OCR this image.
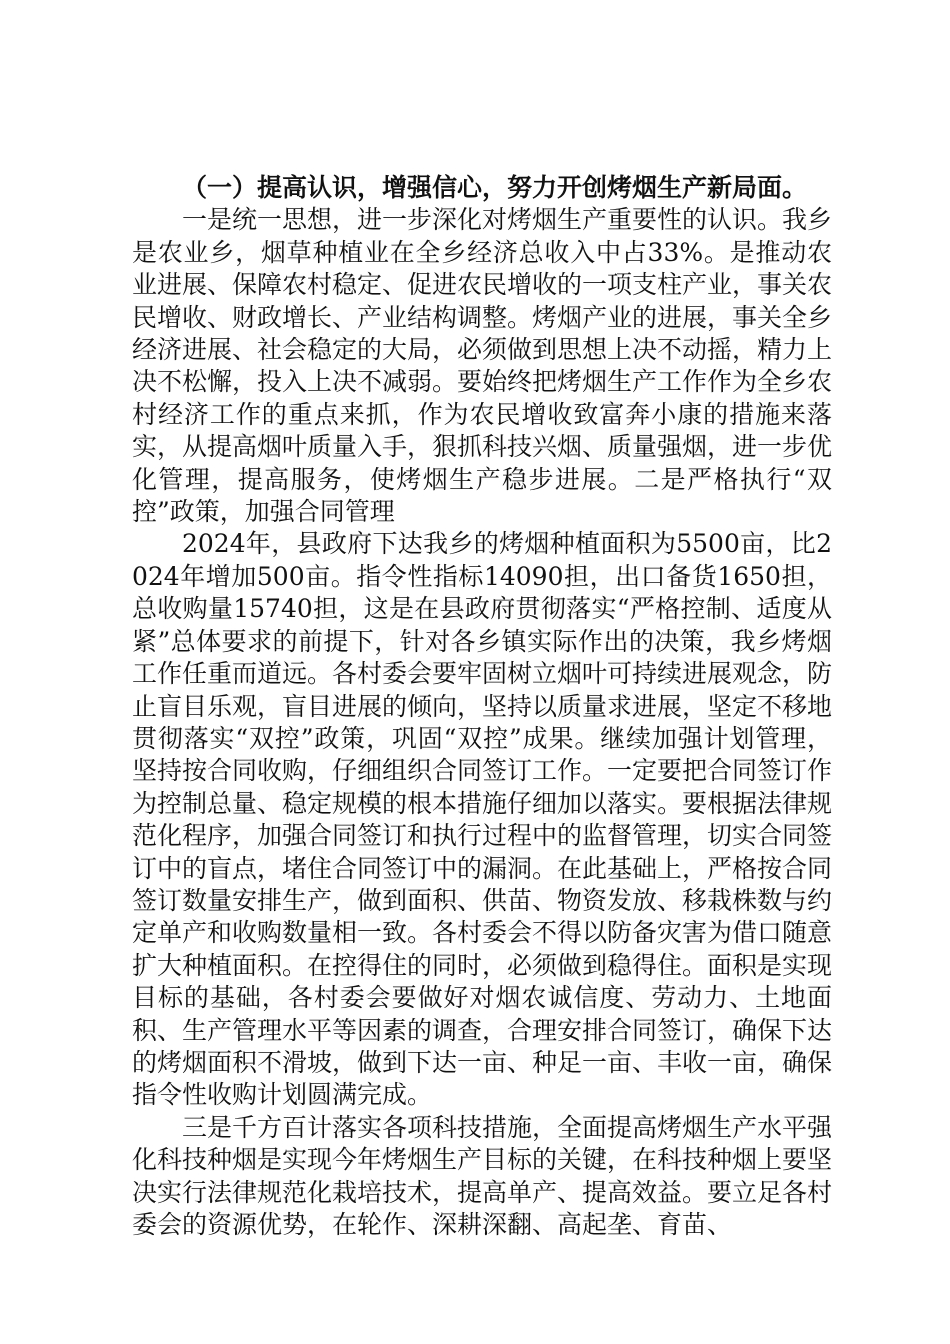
（一）提高认识，增强信心，努力开创烤烟生产新局面。

一是统一思想，进一步深化对烤烟生产重要性的认识。我乡是农业乡，烟草种植业在全乡经济总收入中占33%。是推动农业进展、保障农村稳定、促进农民增收的一项支柱产业，事关农民增收、财政增长、产业结构调整。烤烟产业的进展，事关全乡经济进展、社会稳定的大局，必须做到思想上决不动摇，精力上决不松懈，投入上决不减弱。要始终把烤烟生产工作作为全乡农村经济工作的重点来抓，作为农民增收致富奔小康的措施来落实，从提高烟叶质量入手，狠抓科技兴烟、质量强烟，进一步优化管理，提高服务，使烤烟生产稳步进展。二是严格执行“双控”政策，加强合同管理

2024年，县政府下达我乡的烤烟种植面积为5500亩，比2024年增加500亩。指令性指标14090担，出口备货1650担，总收购量15740担，这是在县政府贯彻落实“严格控制、适度从紧”总体要求的前提下，针对各乡镇实际作出的决策，我乡烤烟工作任重而道远。各村委会要牢固树立烟叶可持续进展观念，防止盲目乐观，盲目进展的倾向，坚持以质量求进展，坚定不移地贯彻落实“双控”政策，巩固“双控”成果。继续加强计划管理，坚持按合同收购，仔细组织合同签订工作。一定要把合同签订作为控制总量、稳定规模的根本措施仔细加以落实。要根据法律规范化程序，加强合同签订和执行过程中的监督管理，切实合同签订中的盲点，堵住合同签订中的漏洞。在此基础上，严格按合同签订数量安排生产，做到面积、供苗、物资发放、移栽株数与约定单产和收购数量相一致。各村委会不得以防备灾害为借口随意扩大种植面积。在控得住的同时，必须做到稳得住。面积是实现目标的基础，各村委会要做好对烟农诚信度、劳动力、土地面积、生产管理水平等因素的调查，合理安排合同签订，确保下达的烤烟面积不滑坡，做到下达一亩、种足一亩、丰收一亩，确保指令性收购计划圆满完成。

三是千方百计落实各项科技措施，全面提高烤烟生产水平强化科技种烟是实现今年烤烟生产目标的关键，在科技种烟上要坚决实行法律规范化栽培技术，提高单产、提高效益。要立足各村委会的资源优势，在轮作、深耕深翻、高起垄、育苗、
